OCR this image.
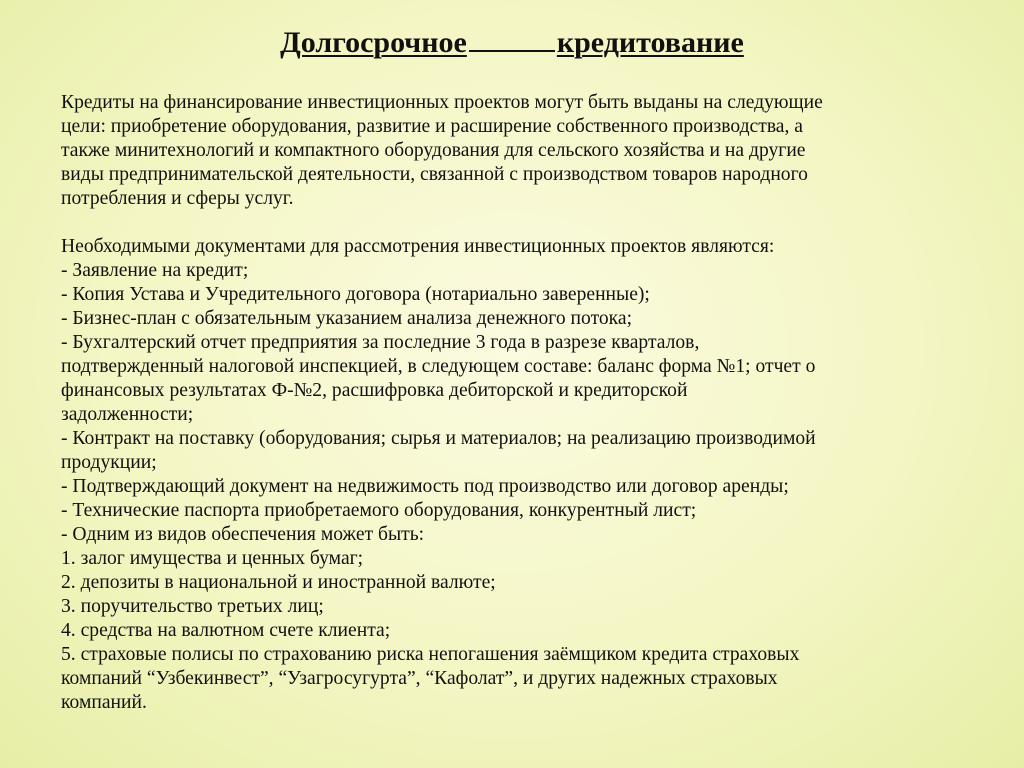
Долгосрочное	кредитование
Кредиты на финансирование инвестиционных проектов могут быть выданы на следующие
цели: приобретение оборудования, развитие и расширение собственного производства, а
также минитехнологий и компактного оборудования для сельского хозяйства и на другие
виды предпринимательской деятельности, связанной с производством товаров народного
потребления и сферы услуг.
Необходимыми документами для рассмотрения инвестиционных проектов являются:
- Заявление на кредит;
- Копия Устава и Учредительного договора (нотариально заверенные);
- Бизнес-план с обязательным указанием анализа денежного потока;
- Бухгалтерский отчет предприятия за последние 3 года в разрезе кварталов,
подтвержденный налоговой инспекцией, в следующем составе: баланс форма №1; отчет о
финансовых результатах Ф-№2, расшифровка дебиторской и кредиторской
задолженности;
- Контракт на поставку (оборудования; сырья и материалов; на реализацию производимой
продукции;
- Подтверждающий документ на недвижимость под производство или договор аренды;
- Технические паспорта приобретаемого оборудования, конкурентный лист;
- Одним из видов обеспечения может быть:
1. залог имущества и ценных бумаг;
2. депозиты в национальной и иностранной валюте;
3. поручительство третьих лиц;
4. средства на валютном счете клиента;
5. страховые полисы по страхованию риска непогашения заёмщиком кредита страховых
компаний “Узбекинвест”, “Узагросугурта”, “Кафолат”, и других надежных страховых
компаний.
